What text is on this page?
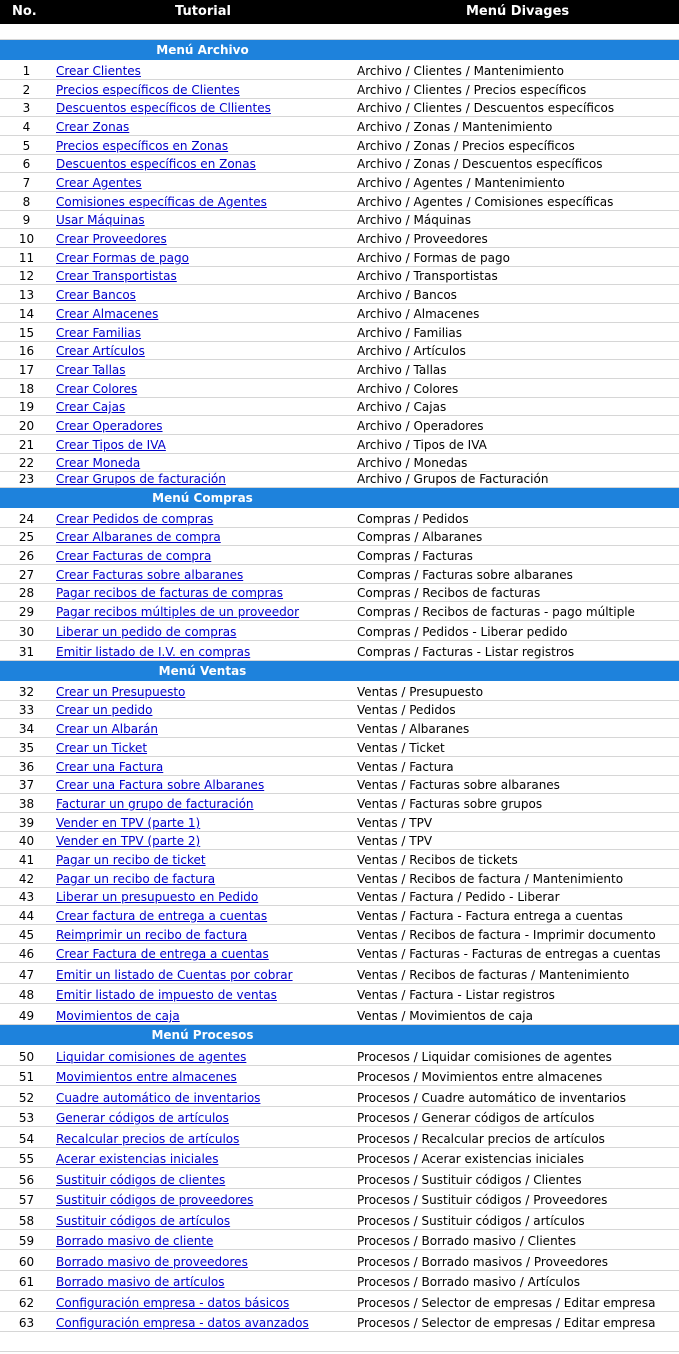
No.	Tutorial	Menú Divages
Menú Archivo
1	Crear Clientes	Archivo / Clientes / Mantenimiento
2	Precios específicos de Clientes	Archivo / Clientes / Precios específicos
3	Descuentos específicos de Cllientes	Archivo / Clientes / Descuentos específicos
4	Crear Zonas	Archivo / Zonas / Mantenimiento
5	Precios específicos en Zonas	Archivo / Zonas / Precios específicos
6	Descuentos específicos en Zonas	Archivo / Zonas / Descuentos específicos
7	Crear Agentes	Archivo / Agentes / Mantenimiento
8	Comisiones específicas de Agentes	Archivo / Agentes / Comisiones específicas
9	Usar Máquinas	Archivo / Máquinas
10	Crear Proveedores	Archivo / Proveedores
11	Crear Formas de pago	Archivo / Formas de pago
12	Crear Transportistas	Archivo / Transportistas
13	Crear Bancos	Archivo / Bancos
14	Crear Almacenes	Archivo / Almacenes
15	Crear Familias	Archivo / Familias
16	Crear Artículos	Archivo / Artículos
17	Crear Tallas	Archivo / Tallas
18	Crear Colores	Archivo / Colores
19	Crear Cajas	Archivo / Cajas
20	Crear Operadores	Archivo / Operadores
21	Crear Tipos de IVA	Archivo / Tipos de IVA
22	Crear Moneda	Archivo / Monedas
23	Crear Grupos de facturación	Archivo / Grupos de Facturación
Menú Compras
24	Crear Pedidos de compras	Compras / Pedidos
25	Crear Albaranes de compra	Compras / Albaranes
26	Crear Facturas de compra	Compras / Facturas
27	Crear Facturas sobre albaranes	Compras / Facturas sobre albaranes
28	Pagar recibos de facturas de compras	Compras / Recibos de facturas
29	Pagar recibos múltiples de un proveedor	Compras / Recibos de facturas - pago múltiple
30	Liberar un pedido de compras	Compras / Pedidos - Liberar pedido
31	Emitir listado de I.V. en compras	Compras / Facturas - Listar registros
Menú Ventas
32	Crear un Presupuesto	Ventas / Presupuesto
33	Crear un pedido	Ventas / Pedidos
34	Crear un Albarán	Ventas / Albaranes
35	Crear un Ticket	Ventas / Ticket
36	Crear una Factura	Ventas / Factura
37	Crear una Factura sobre Albaranes	Ventas / Facturas sobre albaranes
38	Facturar un grupo de facturación	Ventas / Facturas sobre grupos
39	Vender en TPV (parte 1)	Ventas / TPV
40	Vender en TPV (parte 2)	Ventas / TPV
41	Pagar un recibo de ticket	Ventas / Recibos de tickets
42	Pagar un recibo de factura	Ventas / Recibos de factura / Mantenimiento
43	Liberar un presupuesto en Pedido	Ventas / Factura / Pedido - Liberar
44	Crear factura de entrega a cuentas	Ventas / Factura - Factura entrega a cuentas
45	Reimprimir un recibo de factura	Ventas / Recibos de factura - Imprimir documento
46	Crear Factura de entrega a cuentas	Ventas / Facturas - Facturas de entregas a cuentas
47	Emitir un listado de Cuentas por cobrar	Ventas / Recibos de facturas / Mantenimiento
48	Emitir listado de impuesto de ventas	Ventas / Factura - Listar registros
49	Movimientos de caja	Ventas / Movimientos de caja
Menú Procesos
50	Liquidar comisiones de agentes	Procesos / Liquidar comisiones de agentes
51	Movimientos entre almacenes	Procesos / Movimientos entre almacenes
52	Cuadre automático de inventarios	Procesos / Cuadre automático de inventarios
53	Generar códigos de artículos	Procesos / Generar códigos de artículos
54	Recalcular precios de artículos	Procesos / Recalcular precios de artículos
55	Acerar existencias iniciales	Procesos / Acerar existencias iniciales
56	Sustituir códigos de clientes	Procesos / Sustituir códigos / Clientes
57	Sustituir códigos de proveedores	Procesos / Sustituir códigos / Proveedores
58	Sustituir códigos de artículos	Procesos / Sustituir códigos / artículos
59	Borrado masivo de cliente	Procesos / Borrado masivo / Clientes
60	Borrado masivo de proveedores	Procesos / Borrado masivos / Proveedores
61	Borrado masivo de artículos	Procesos / Borrado masivo / Artículos
62	Configuración empresa - datos básicos	Procesos / Selector de empresas / Editar empresa
63	Configuración empresa - datos avanzados	Procesos / Selector de empresas / Editar empresa
